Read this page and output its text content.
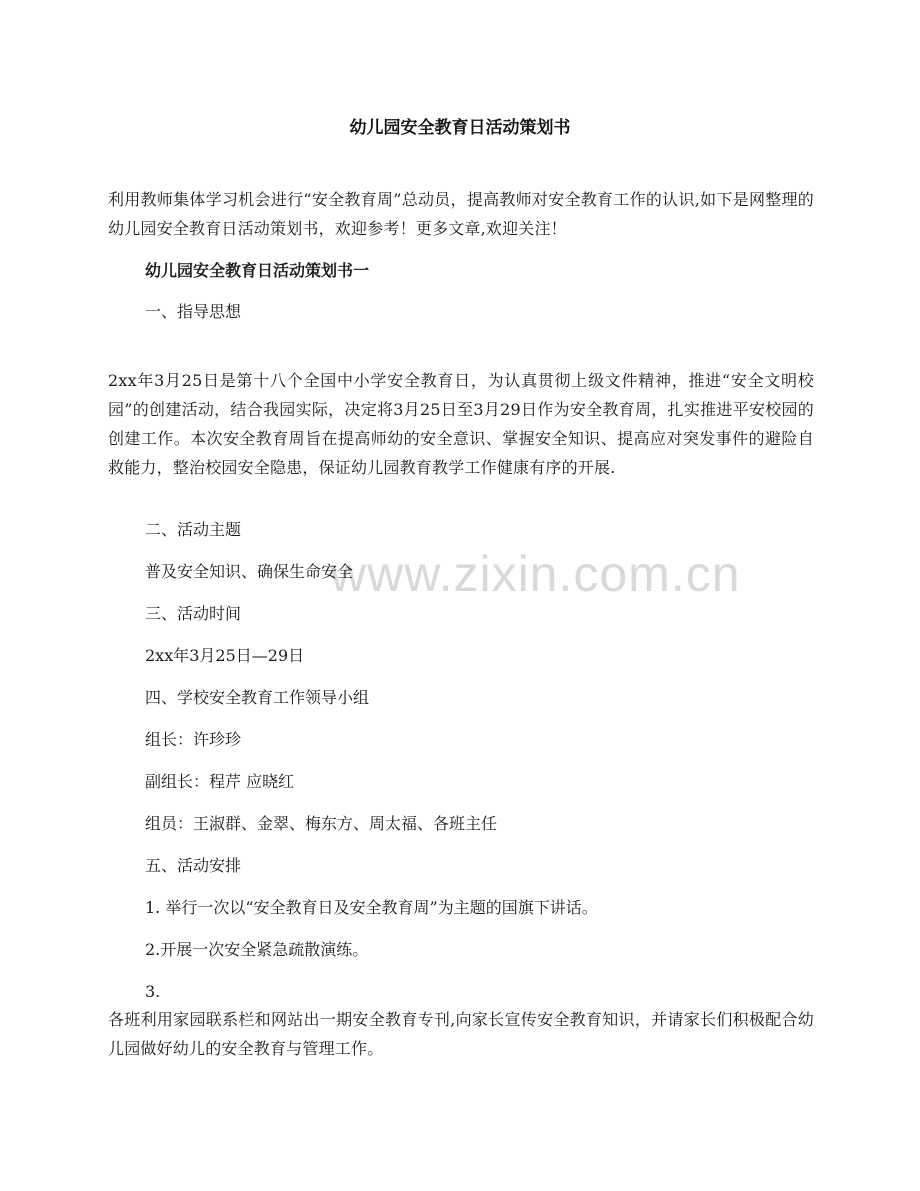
www.zixin.com.cn
幼儿园安全教育日活动策划书
利用教师集体学习机会进行“安全教育周”总动员，提高教师对安全教育工作的认识,如下是网整理的幼儿园安全教育日活动策划书，欢迎参考！更多文章,欢迎关注！
幼儿园安全教育日活动策划书一
一、指导思想
2xx年3月25日是第十八个全国中小学安全教育日，为认真贯彻上级文件精神，推进“安全文明校园”的创建活动，结合我园实际，决定将3月25日至3月29日作为安全教育周，扎实推进平安校园的创建工作。本次安全教育周旨在提高师幼的安全意识、掌握安全知识、提高应对突发事件的避险自救能力，整治校园安全隐患，保证幼儿园教育教学工作健康有序的开展.
二、活动主题
普及安全知识、确保生命安全
三、活动时间
2xx年3月25日—29日
四、学校安全教育工作领导小组
组长：许珍珍
副组长：程芹 应晓红
组员：王淑群、金翠、梅东方、周太福、各班主任
五、活动安排
1. 举行一次以“安全教育日及安全教育周”为主题的国旗下讲话。
2.开展一次安全紧急疏散演练。
3.
各班利用家园联系栏和网站出一期安全教育专刊,向家长宣传安全教育知识，并请家长们积极配合幼儿园做好幼儿的安全教育与管理工作。
